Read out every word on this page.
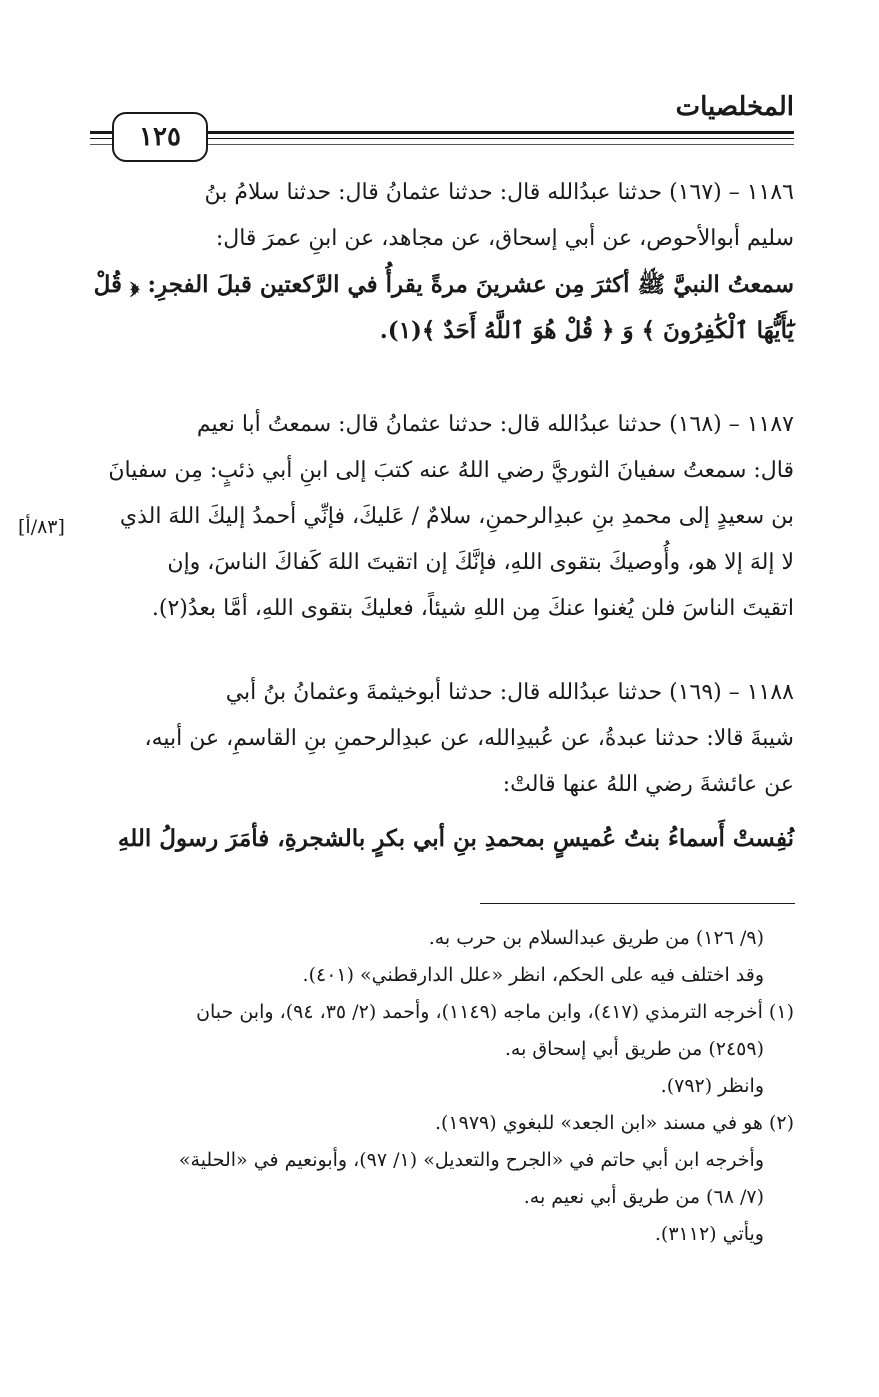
المخلصيات
١٢٥
[٨٣/أ]

١١٨٦ – (١٦٧) حدثنا عبدُالله قال: حدثنا عثمانُ قال: حدثنا سلامُ بنُ

سليم أبوالأحوص، عن أبي إسحاق، عن مجاهد، عن ابنِ عمرَ قال:

سمعتُ النبيَّ ﷺ أكثرَ مِن عشرينَ مرةً يقرأُ في الرَّكعتين قبلَ الفجرِ: ﴿ قُلْ

يَٰٓأَيُّهَا ٱلْكَٰفِرُونَ ﴾ وَ ﴿ قُلْ هُوَ ٱللَّهُ أَحَدٌ ﴾(١).

١١٨٧ – (١٦٨) حدثنا عبدُالله قال: حدثنا عثمانُ قال: سمعتُ أبا نعيم

قال: سمعتُ سفيانَ الثوريَّ رضي اللهُ عنه كتبَ إلى ابنِ أبي ذئبٍ: مِن سفيانَ

بن سعيدٍ إلى محمدِ بنِ عبدِالرحمنِ، سلامٌ / عَليكَ، فإنِّي أحمدُ إليكَ اللهَ الذي

لا إلهَ إلا هو، وأُوصيكَ بتقوى اللهِ، فإنَّكَ إن اتقيتَ اللهَ كَفاكَ الناسَ، وإن

اتقيتَ الناسَ فلن يُغنوا عنكَ مِن اللهِ شيئاً، فعليكَ بتقوى اللهِ، أمَّا بعدُ(٢).

١١٨٨ – (١٦٩) حدثنا عبدُالله قال: حدثنا أبوخيثمةَ وعثمانُ بنُ أبي

شيبةَ قالا: حدثنا عبدةُ، عن عُبيدِالله، عن عبدِالرحمنِ بنِ القاسمِ، عن أبيه،

عن عائشةَ رضي اللهُ عنها قالتْ:

نُفِستْ أَسماءُ بنتُ عُميسٍ بمحمدِ بنِ أبي بكرٍ بالشجرةِ، فأمَرَ رسولُ اللهِ

(٩/ ١٢٦) من طريق عبدالسلام بن حرب به.

وقد اختلف فيه على الحكم، انظر «علل الدارقطني» (٤٠١).

(١) أخرجه الترمذي (٤١٧)، وابن ماجه (١١٤٩)، وأحمد (٢/ ٣٥، ٩٤)، وابن حبان

(٢٤٥٩) من طريق أبي إسحاق به.

وانظر (٧٩٢).

(٢) هو في مسند «ابن الجعد» للبغوي (١٩٧٩).

وأخرجه ابن أبي حاتم في «الجرح والتعديل» (١/ ٩٧)، وأبونعيم في «الحلية»

(٧/ ٦٨) من طريق أبي نعيم به.

ويأتي (٣١١٢).
